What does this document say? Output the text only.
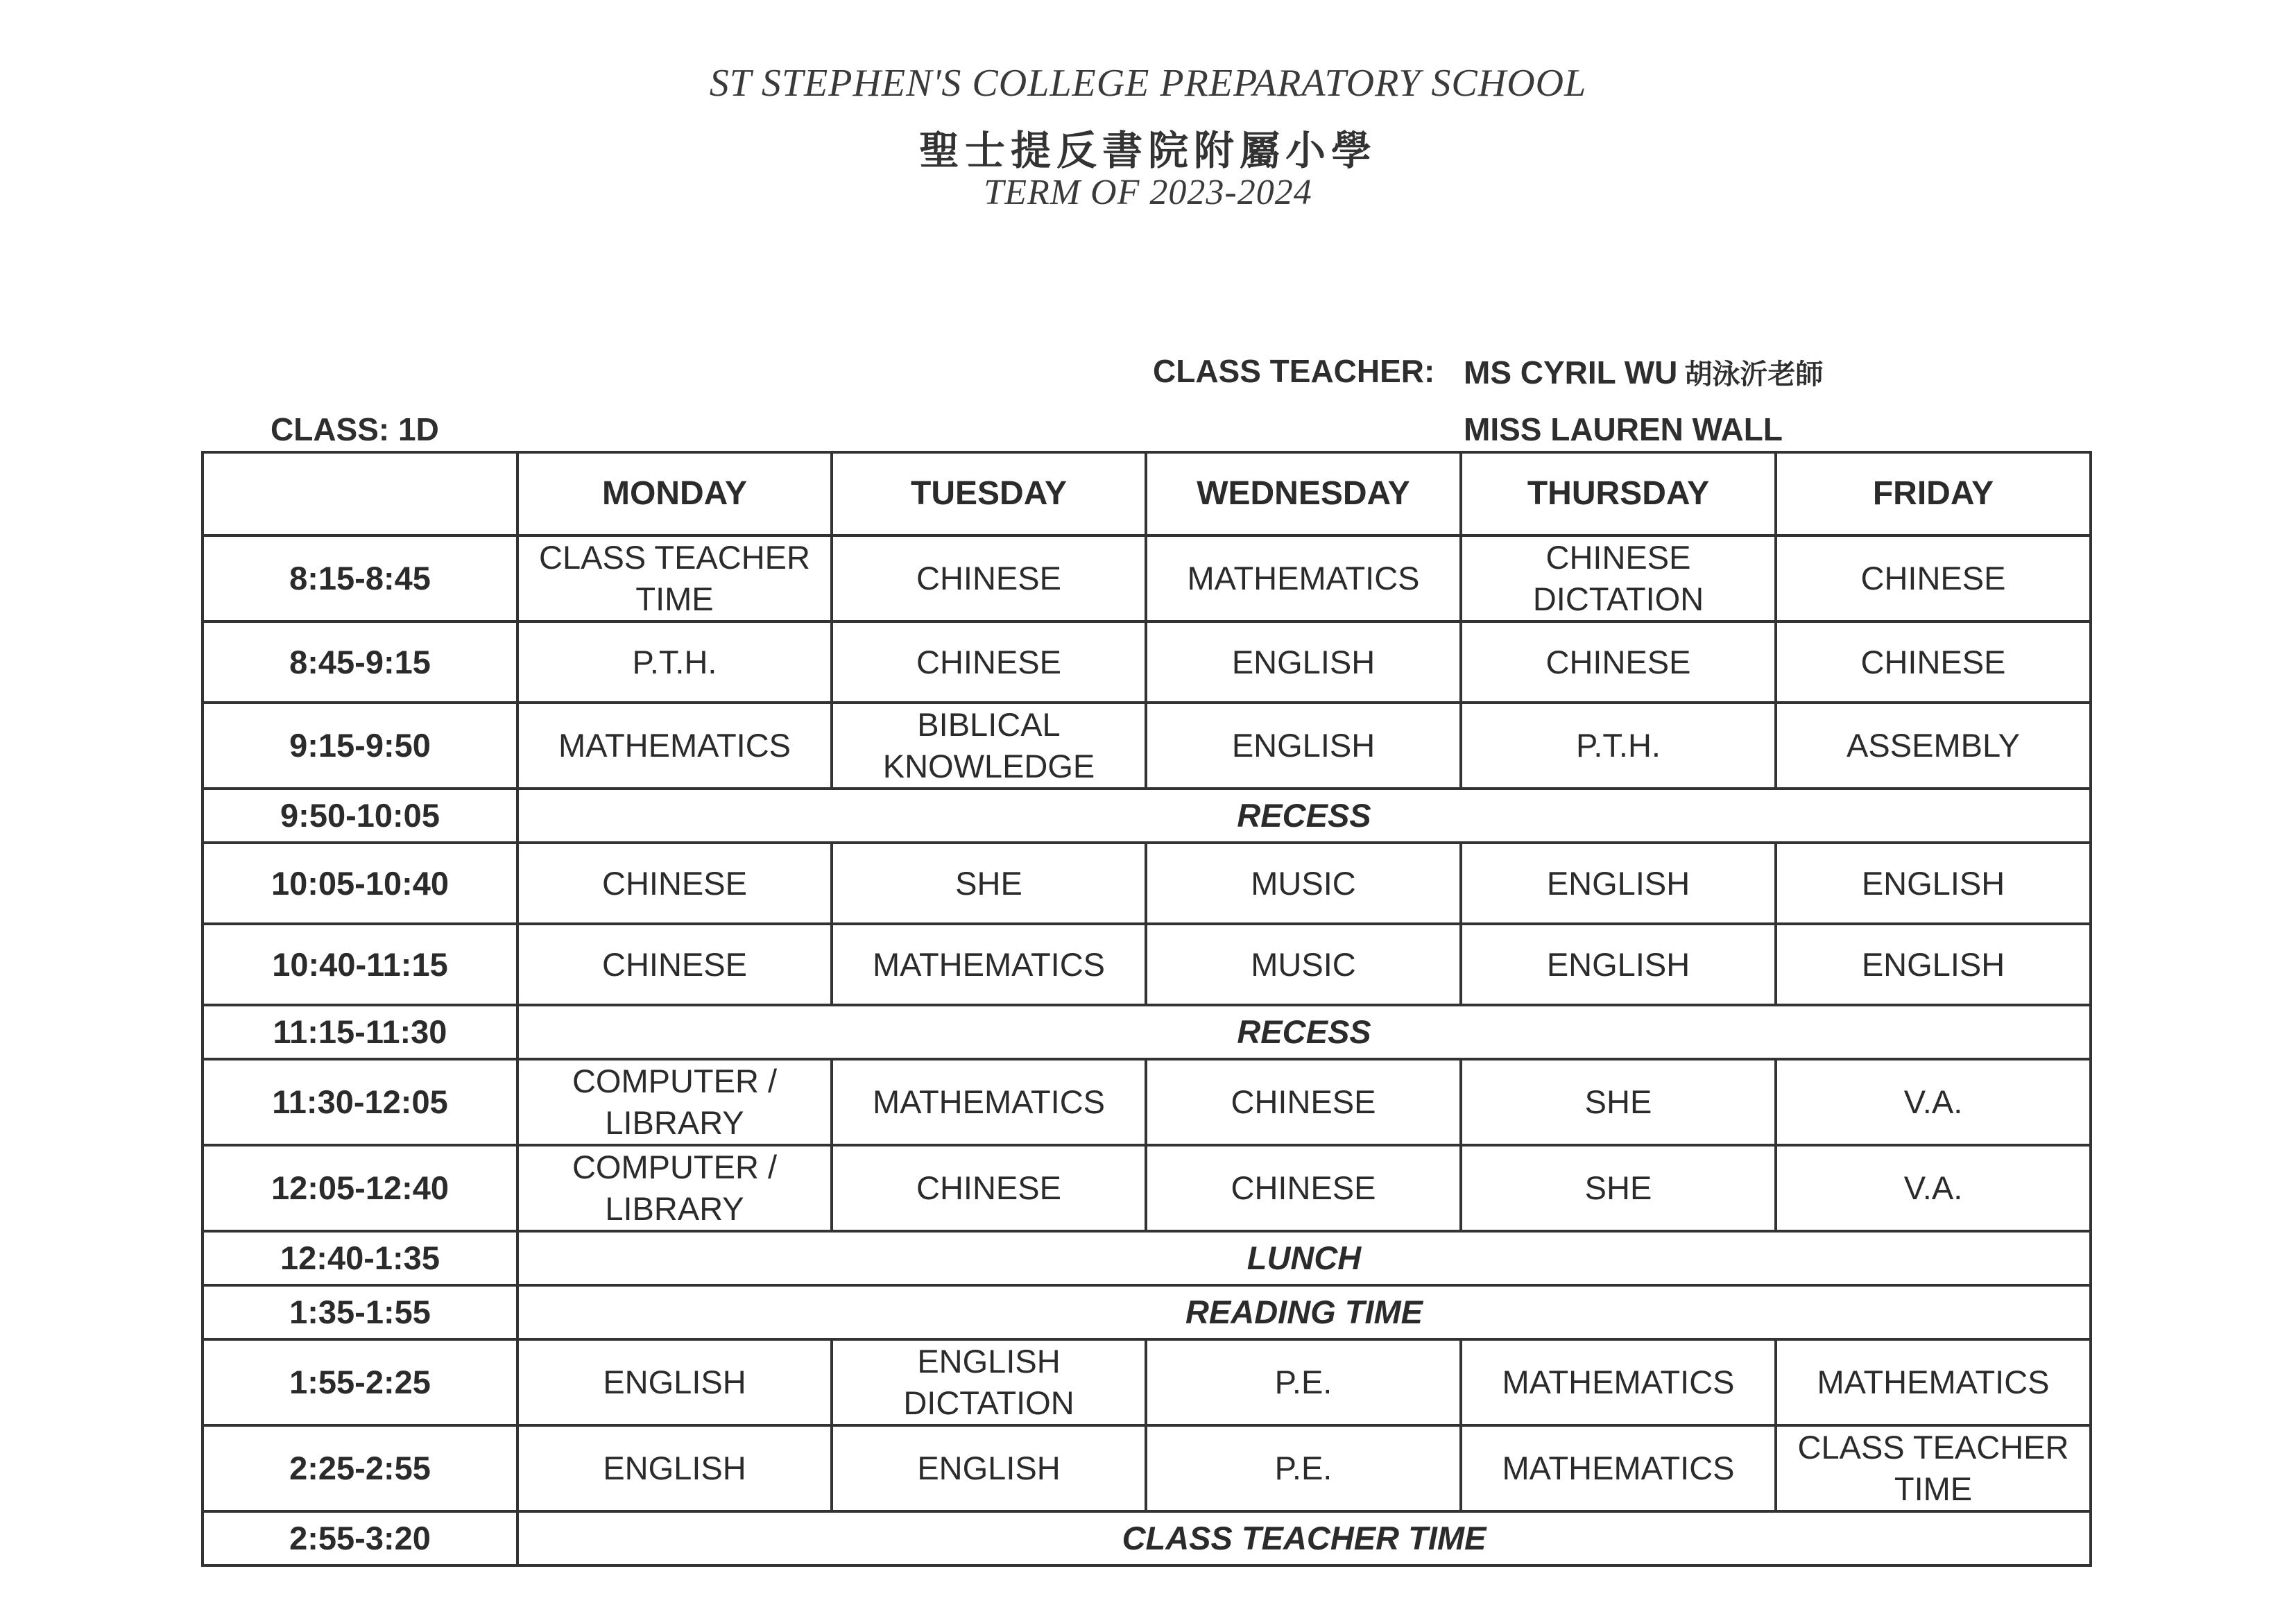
ST STEPHEN'S COLLEGE PREPARATORY SCHOOL
聖士提反書院附屬小學
TERM OF 2023-2024
CLASS TEACHER: MS CYRIL WU 胡泳沂老師
MISS LAUREN WALL
CLASS: 1D
	MONDAY	TUESDAY	WEDNESDAY	THURSDAY	FRIDAY
8:15-8:45	CLASS TEACHER TIME	CHINESE	MATHEMATICS	CHINESE DICTATION	CHINESE
8:45-9:15	P.T.H.	CHINESE	ENGLISH	CHINESE	CHINESE
9:15-9:50	MATHEMATICS	BIBLICAL KNOWLEDGE	ENGLISH	P.T.H.	ASSEMBLY
9:50-10:05	RECESS				
10:05-10:40	CHINESE	SHE	MUSIC	ENGLISH	ENGLISH
10:40-11:15	CHINESE	MATHEMATICS	MUSIC	ENGLISH	ENGLISH
11:15-11:30	RECESS				
11:30-12:05	COMPUTER / LIBRARY	MATHEMATICS	CHINESE	SHE	V.A.
12:05-12:40	COMPUTER / LIBRARY	CHINESE	CHINESE	SHE	V.A.
12:40-1:35	LUNCH				
1:35-1:55	READING TIME				
1:55-2:25	ENGLISH	ENGLISH DICTATION	P.E.	MATHEMATICS	MATHEMATICS
2:25-2:55	ENGLISH	ENGLISH	P.E.	MATHEMATICS	CLASS TEACHER TIME
2:55-3:20	CLASS TEACHER TIME				
